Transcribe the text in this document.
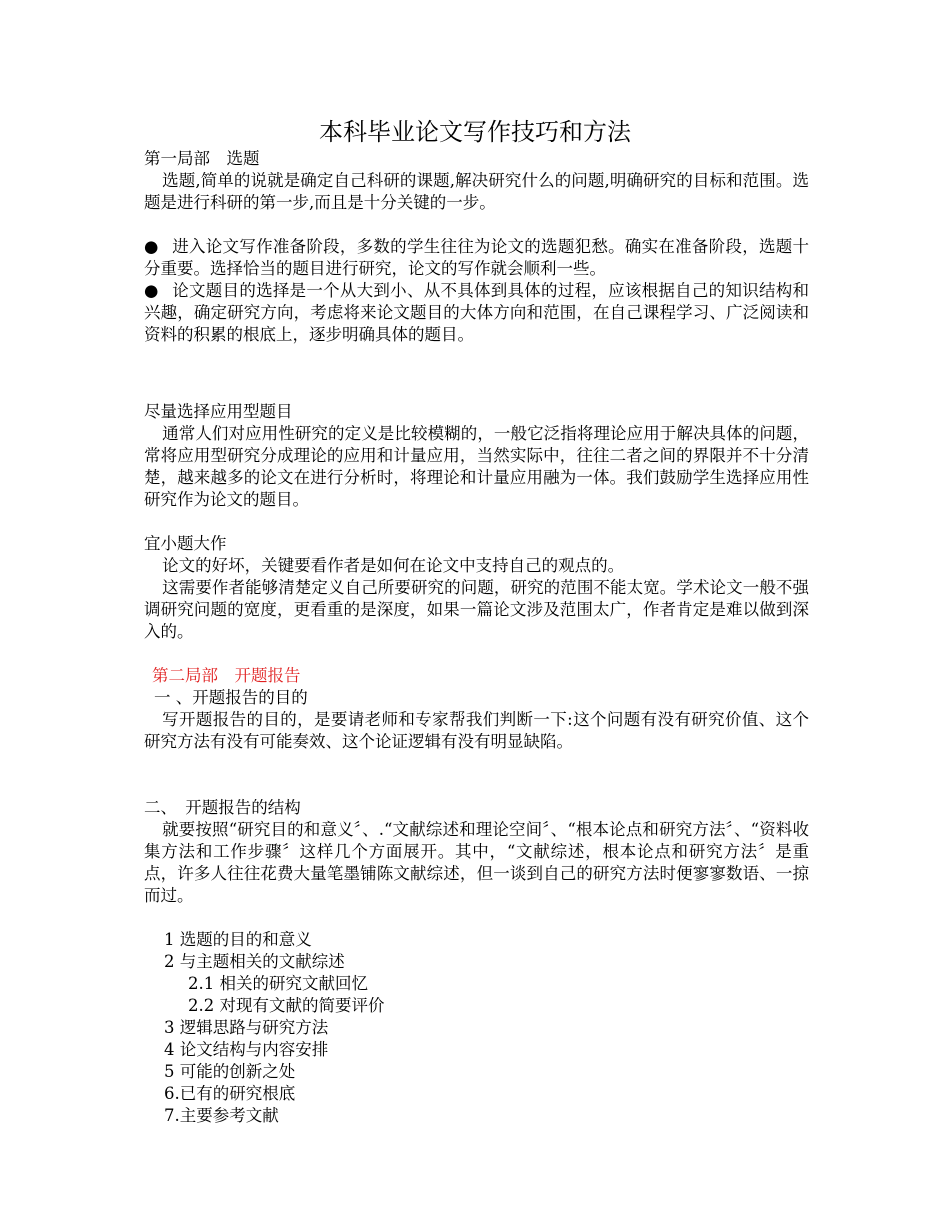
本科毕业论文写作技巧和方法

第一局部　选题

选题,简单的说就是确定自己科研的课题,解决研究什么的问题,明确研究的目标和范围。选题是进行科研的第一步,而且是十分关键的一步。

● 进入论文写作准备阶段，多数的学生往往为论文的选题犯愁。确实在准备阶段，选题十分重要。选择恰当的题目进行研究，论文的写作就会顺利一些。

● 论文题目的选择是一个从大到小、从不具体到具体的过程，应该根据自己的知识结构和兴趣，确定研究方向，考虑将来论文题目的大体方向和范围，在自己课程学习、广泛阅读和资料的积累的根底上，逐步明确具体的题目。

尽量选择应用型题目

通常人们对应用性研究的定义是比较模糊的，一般它泛指将理论应用于解决具体的问题，常将应用型研究分成理论的应用和计量应用，当然实际中，往往二者之间的界限并不十分清楚，越来越多的论文在进行分析时，将理论和计量应用融为一体。我们鼓励学生选择应用性研究作为论文的题目。

宜小题大作

论文的好坏，关键要看作者是如何在论文中支持自己的观点的。

这需要作者能够清楚定义自己所要研究的问题，研究的范围不能太宽。学术论文一般不强调研究问题的宽度，更看重的是深度，如果一篇论文涉及范围太广，作者肯定是难以做到深入的。

第二局部　开题报告

一 、开题报告的目的

写开题报告的目的，是要请老师和专家帮我们判断一下:这个问题有没有研究价值、这个研究方法有没有可能奏效、这个论证逻辑有没有明显缺陷。

二、　开题报告的结构

就要按照“研究目的和意义〞、.“文献综述和理论空间〞、“根本论点和研究方法〞、“资料收集方法和工作步骤〞这样几个方面展开。其中，“文献综述，根本论点和研究方法〞是重点，许多人往往花费大量笔墨铺陈文献综述，但一谈到自己的研究方法时便寥寥数语、一掠而过。

1 选题的目的和意义

2 与主题相关的文献综述

2.1 相关的研究文献回忆

2.2 对现有文献的简要评价

3 逻辑思路与研究方法

4 论文结构与内容安排

5 可能的创新之处

6.已有的研究根底

7.主要参考文献
